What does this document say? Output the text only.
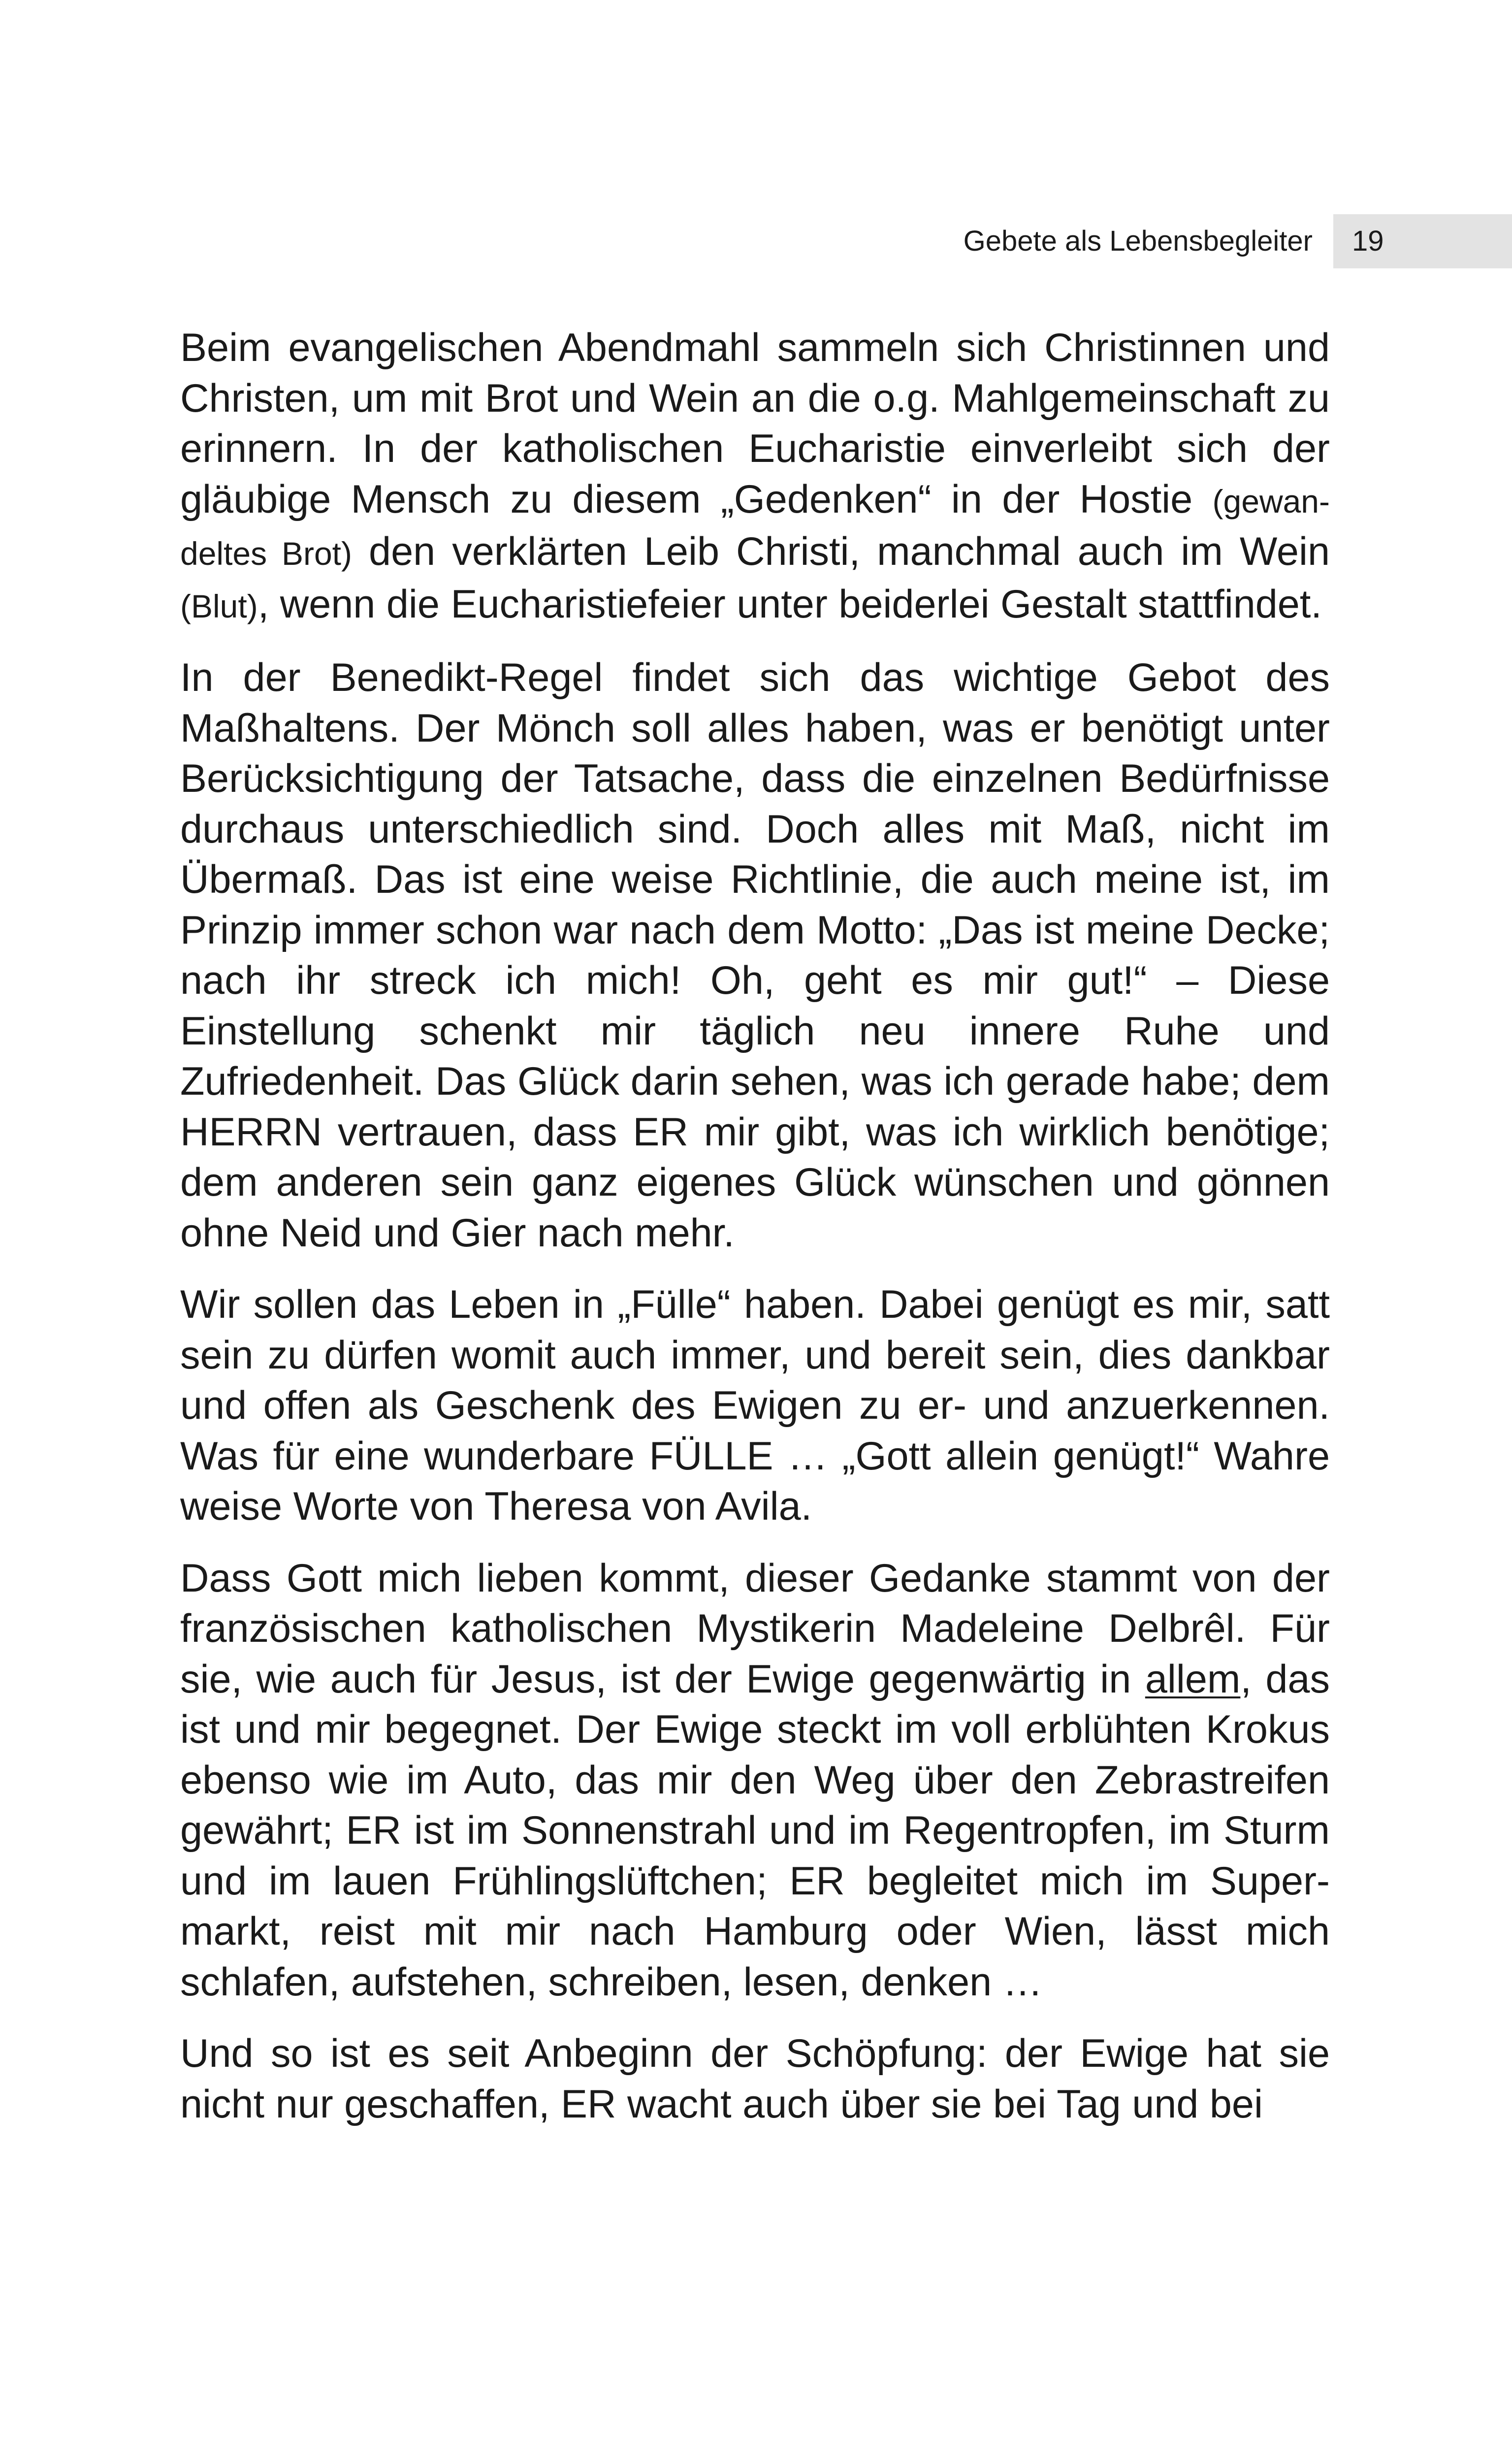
Gebete als Lebensbegleiter 19

Beim evangelischen Abendmahl sammeln sich Christinnen und Christen, um mit Brot und Wein an die o.g. Mahlgemeinschaft zu erinnern. In der katholischen Eucharistie einverleibt sich der gläubige Mensch zu diesem „Gedenken“ in der Hostie (gewandeltes Brot) den verklärten Leib Christi, manchmal auch im Wein (Blut), wenn die Eucharistiefeier unter beiderlei Gestalt stattfindet.

In der Benedikt-Regel findet sich das wichtige Gebot des Maßhaltens. Der Mönch soll alles haben, was er benötigt unter Berücksichtigung der Tatsache, dass die einzelnen Bedürfnisse durchaus unterschiedlich sind. Doch alles mit Maß, nicht im Übermaß. Das ist eine weise Richtlinie, die auch meine ist, im Prinzip immer schon war nach dem Motto: „Das ist meine Decke; nach ihr streck ich mich! Oh, geht es mir gut!“ – Diese Einstellung schenkt mir täglich neu innere Ruhe und Zufriedenheit. Das Glück darin sehen, was ich gerade habe; dem HERRN vertrauen, dass ER mir gibt, was ich wirklich benötige; dem anderen sein ganz eigenes Glück wünschen und gönnen ohne Neid und Gier nach mehr.

Wir sollen das Leben in „Fülle“ haben. Dabei genügt es mir, satt sein zu dürfen womit auch immer, und bereit sein, dies dankbar und offen als Geschenk des Ewigen zu er- und anzuerkennen. Was für eine wunderbare FÜLLE … „Gott allein genügt!“ Wahre weise Worte von Theresa von Avila.

Dass Gott mich lieben kommt, dieser Gedanke stammt von der französischen katholischen Mystikerin Madeleine Delbrêl. Für sie, wie auch für Jesus, ist der Ewige gegenwärtig in allem, das ist und mir begegnet. Der Ewige steckt im voll erblühten Krokus ebenso wie im Auto, das mir den Weg über den Zebrastreifen gewährt; ER ist im Sonnenstrahl und im Regentropfen, im Sturm und im lauen Frühlingslüftchen; ER begleitet mich im Supermarkt, reist mit mir nach Hamburg oder Wien, lässt mich schlafen, aufstehen, schreiben, lesen, denken …

Und so ist es seit Anbeginn der Schöpfung: der Ewige hat sie nicht nur geschaffen, ER wacht auch über sie bei Tag und bei
